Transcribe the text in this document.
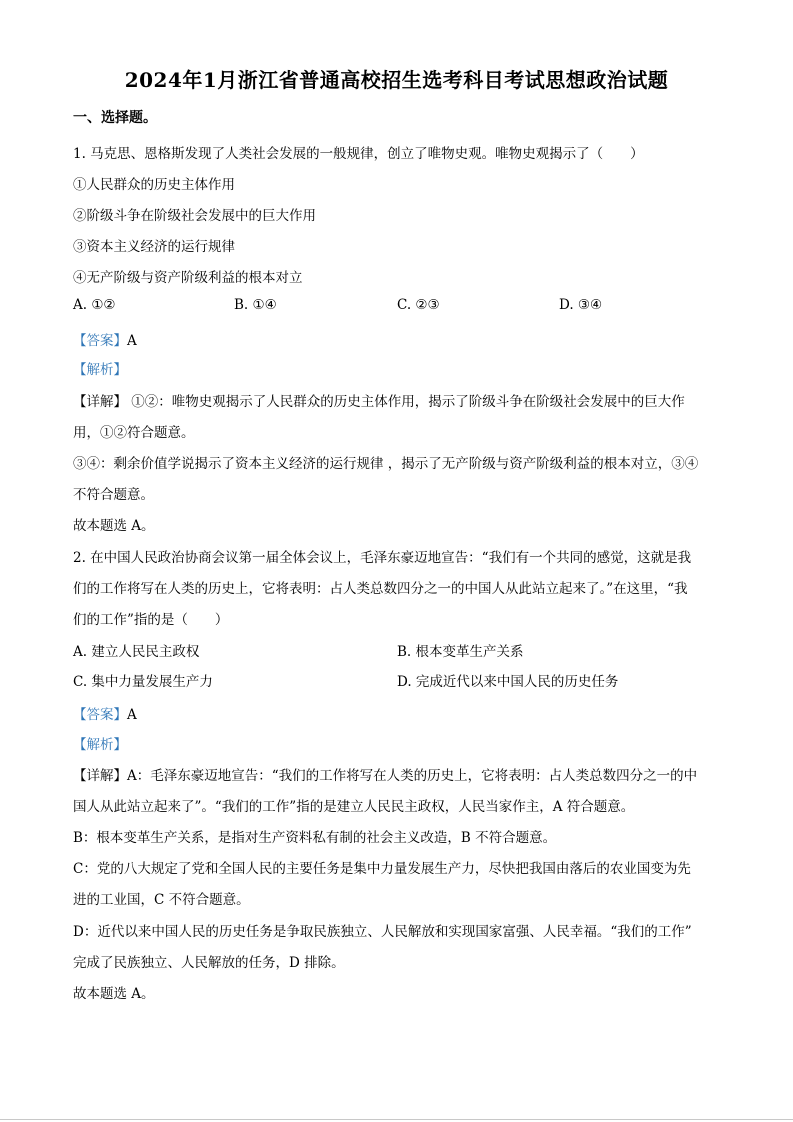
2024年1月浙江省普通高校招生选考科目考试思想政治试题
一、选择题。
1. 马克思、恩格斯发现了人类社会发展的一般规律，创立了唯物史观。唯物史观揭示了（　　）
①人民群众的历史主体作用
②阶级斗争在阶级社会发展中的巨大作用
③资本主义经济的运行规律
④无产阶级与资产阶级利益的根本对立
A. ①②	B. ①④	C. ②③	D. ③④
【答案】A
【解析】
【详解】 ①②：唯物史观揭示了人民群众的历史主体作用，揭示了阶级斗争在阶级社会发展中的巨大作
用，①②符合题意。
③④：剩余价值学说揭示了资本主义经济的运行规律 ，揭示了无产阶级与资产阶级利益的根本对立，③④
不符合题意。
故本题选 A。
2. 在中国人民政治协商会议第一届全体会议上，毛泽东豪迈地宣告：“我们有一个共同的感觉，这就是我
们的工作将写在人类的历史上，它将表明：占人类总数四分之一的中国人从此站立起来了。”在这里，“我
们的工作”指的是（　　）
A. 建立人民民主政权	B. 根本变革生产关系
C. 集中力量发展生产力	D. 完成近代以来中国人民的历史任务
【答案】A
【解析】
【详解】A：毛泽东豪迈地宣告：“我们的工作将写在人类的历史上，它将表明：占人类总数四分之一的中
国人从此站立起来了”。“我们的工作”指的是建立人民民主政权，人民当家作主，A 符合题意。
B：根本变革生产关系，是指对生产资料私有制的社会主义改造，B 不符合题意。
C：党的八大规定了党和全国人民的主要任务是集中力量发展生产力，尽快把我国由落后的农业国变为先
进的工业国，C 不符合题意。
D：近代以来中国人民的历史任务是争取民族独立、人民解放和实现国家富强、人民幸福。“我们的工作”
完成了民族独立、人民解放的任务，D 排除。
故本题选 A。
